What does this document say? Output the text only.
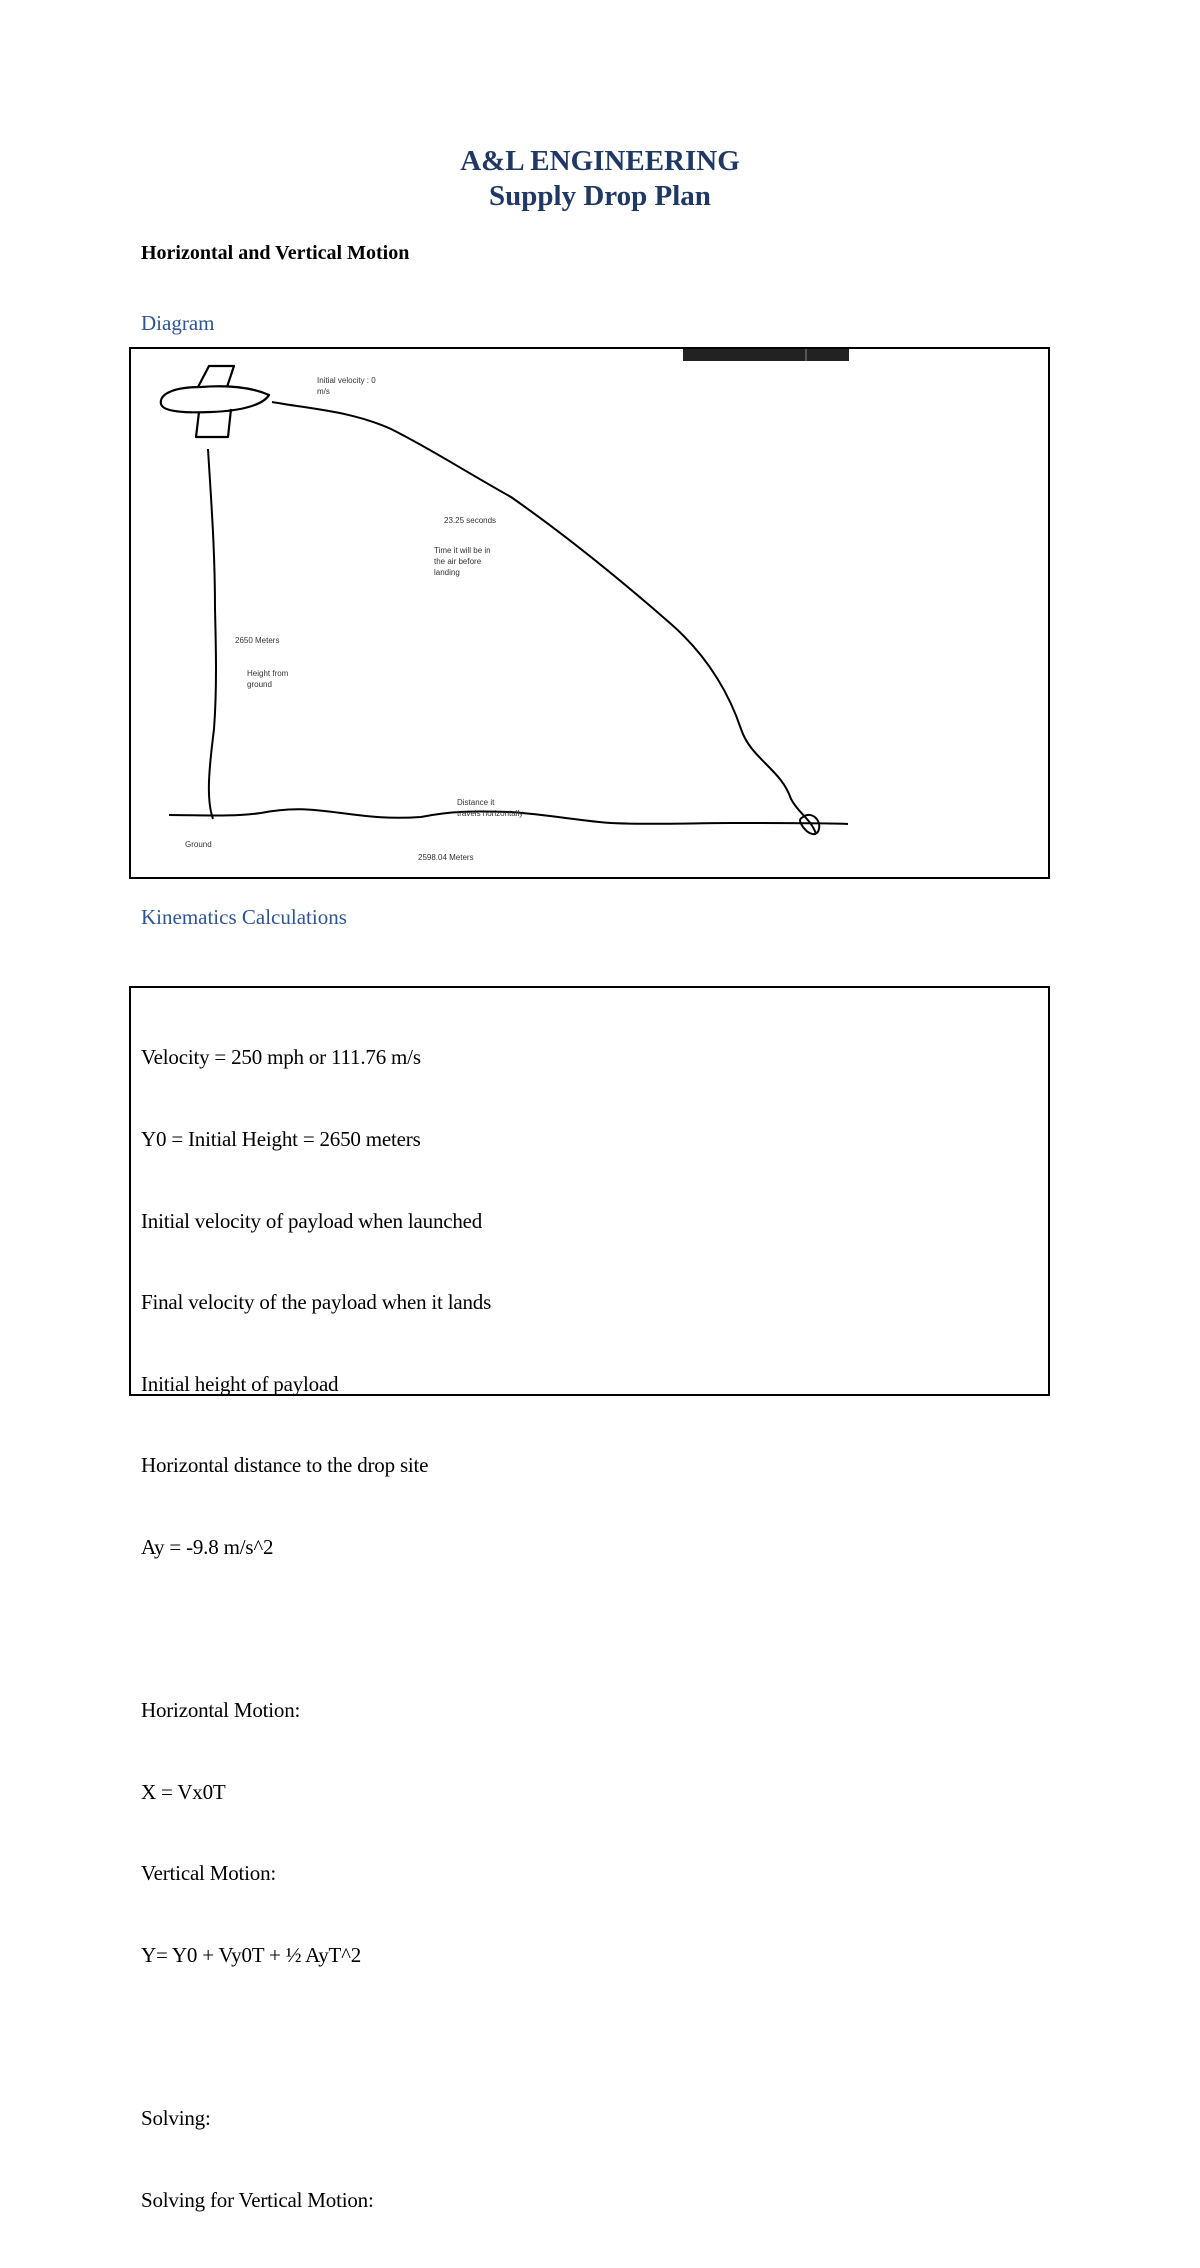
A&L ENGINEERING
Supply Drop Plan
Horizontal and Vertical Motion
Diagram
Initial velocity : 0
m/s
23.25 seconds
Time it will be in
the air before
landing
2650 Meters
Height from
ground
Distance it
travels horizontally
Ground
2598.04 Meters
Kinematics Calculations

Velocity = 250 mph or 111.76 m/s

Y0 = Initial Height = 2650 meters

Initial velocity of payload when launched

Final velocity of the payload when it lands

Initial height of payload

Horizontal distance to the drop site

Ay = -9.8 m/s^2

Horizontal Motion:

X = Vx0T

Vertical Motion:

Y= Y0 + Vy0T + ½ AyT^2

Solving:

Solving for Vertical Motion:
